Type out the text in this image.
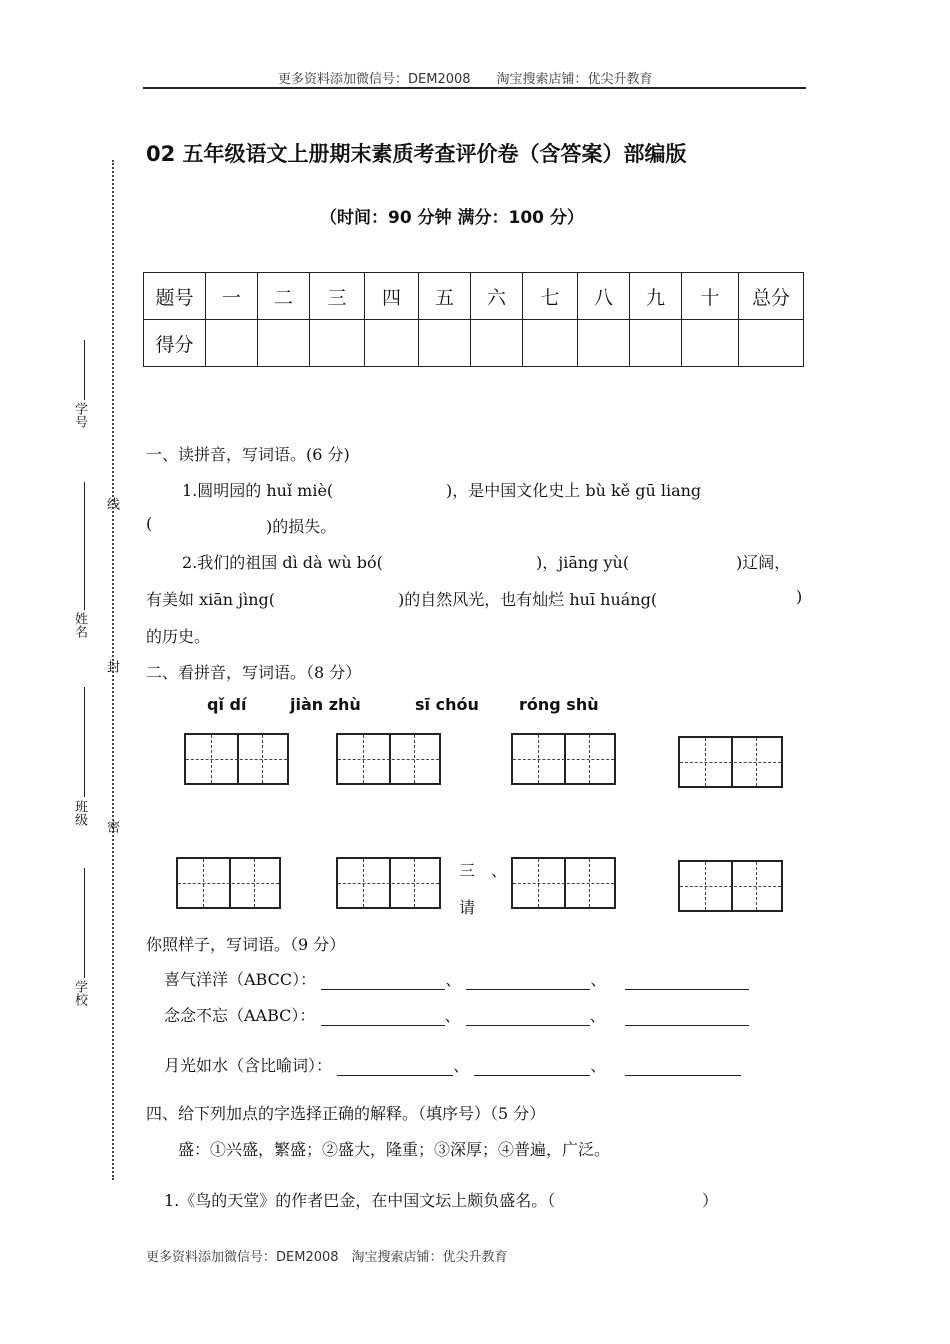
更多资料添加微信号：DEM2008　　淘宝搜索店铺：优尖升教育
线
封
密
学号
姓名
班级
学校
02 五年级语文上册期末素质考查评价卷（含答案）部编版
（时间：90 分钟 满分：100 分）
题号	一	二	三	四	五	六	七	八	九	十	总分
得分											
一、读拼音，写词语。(6 分)
1.圆明园的 huǐ miè(	)，是中国文化史上 bù kě gū liang
(	)的损失。
2.我们的祖国 dì dà wù bó(	)，jiāng yù(	)辽阔，
有美如 xiān jìng(	)的自然风光，也有灿烂 huī huáng(	)
的历史。
二、看拼音，写词语。（8 分）
qǐ dí	jiàn zhù	sī chóu	róng shù
三　、
请
你照样子，写词语。（9 分）
喜气洋洋（ABCC）：	、	、
念念不忘（AABC）：	、	、
月光如水（含比喻词）：	、	、
四、给下列加点的字选择正确的解释。（填序号）（5 分）
盛：①兴盛，繁盛；②盛大，隆重；③深厚；④普遍，广泛。
1.《鸟的天堂》的作者巴金，在中国文坛上颇负盛名。（	）
更多资料添加微信号：DEM2008　淘宝搜索店铺：优尖升教育
